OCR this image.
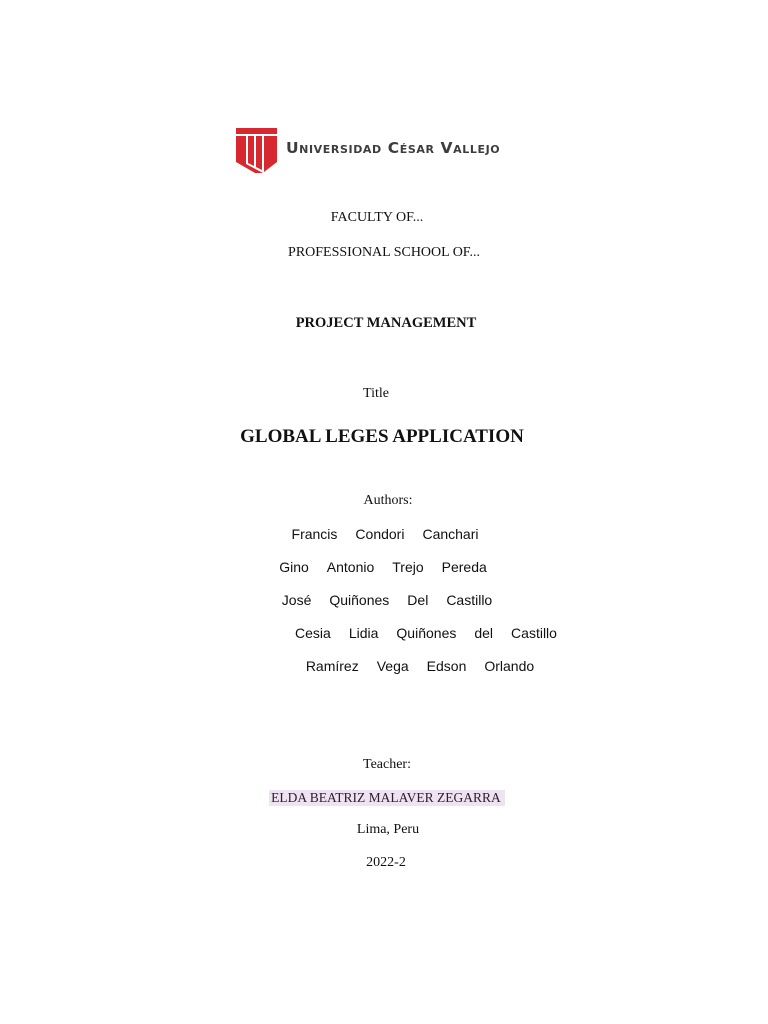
Universidad César Vallejo
FACULTY OF...
PROFESSIONAL SCHOOL OF...
PROJECT MANAGEMENT
Title
GLOBAL LEGES APPLICATION
Authors:
Francis Condori Canchari
Gino Antonio Trejo Pereda
José Quiñones Del Castillo
Cesia Lidia Quiñones del Castillo
Ramírez Vega Edson Orlando
Teacher:
ELDA BEATRIZ MALAVER ZEGARRA
Lima, Peru
2022-2
